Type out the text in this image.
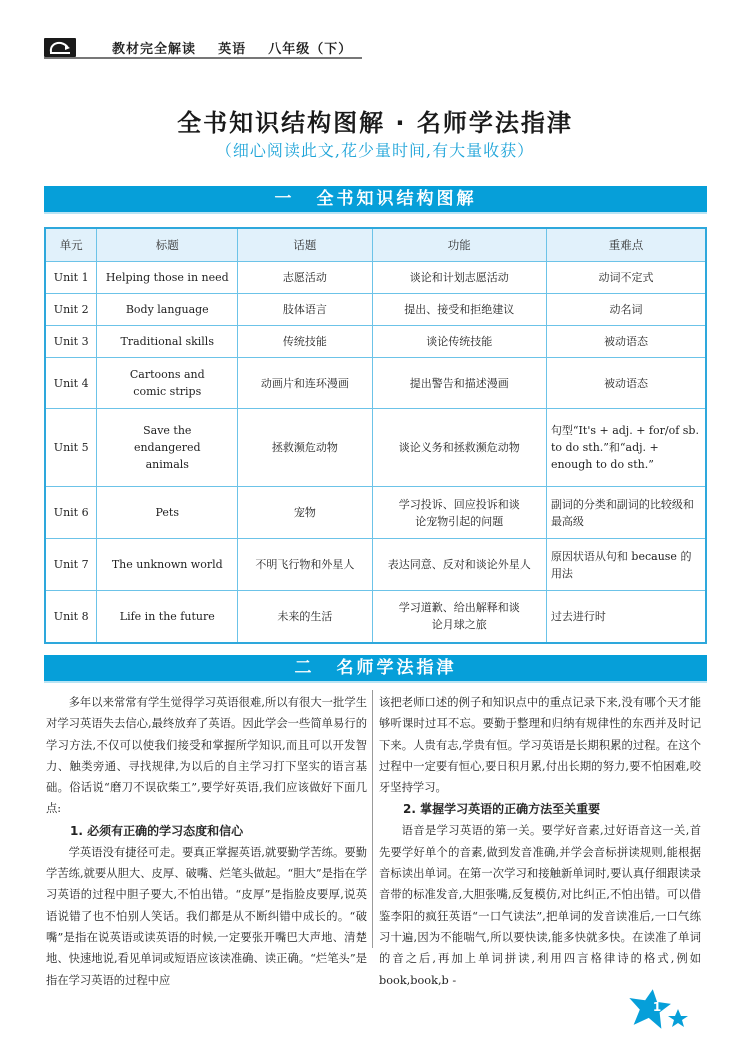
教材完全解读    英语    八年级（下）
全书知识结构图解 · 名师学法指津
（细心阅读此文,花少量时间,有大量收获）
一 全书知识结构图解
单元	标题	话题	功能	重难点
Unit 1	Helping those in need	志愿活动	谈论和计划志愿活动	动词不定式
Unit 2	Body language	肢体语言	提出、接受和拒绝建议	动名词
Unit 3	Traditional skills	传统技能	谈论传统技能	被动语态
Unit 4	Cartoons and comic strips	动画片和连环漫画	提出警告和描述漫画	被动语态
Unit 5	Save the endangered animals	拯救濒危动物	谈论义务和拯救濒危动物	句型“It's + adj. + for/of sb. to do sth.”和“adj. + enough to do sth.”
Unit 6	Pets	宠物	学习投诉、回应投诉和谈论宠物引起的问题	副词的分类和副词的比较级和最高级
Unit 7	The unknown world	不明飞行物和外星人	表达同意、反对和谈论外星人	原因状语从句和 because 的用法
Unit 8	Life in the future	未来的生活	学习道歉、给出解释和谈论月球之旅	过去进行时
二 名师学法指津

多年以来常常有学生觉得学习英语很难,所以有很大一批学生对学习英语失去信心,最终放弃了英语。因此学会一些简单易行的学习方法,不仅可以使我们接受和掌握所学知识,而且可以开发智力、触类旁通、寻找规律,为以后的自主学习打下坚实的语言基础。俗话说“磨刀不误砍柴工”,要学好英语,我们应该做好下面几点:

1. 必须有正确的学习态度和信心

学英语没有捷径可走。要真正掌握英语,就要勤学苦练。要勤学苦练,就要从胆大、皮厚、破嘴、烂笔头做起。“胆大”是指在学习英语的过程中胆子要大,不怕出错。“皮厚”是指脸皮要厚,说英语说错了也不怕别人笑话。我们都是从不断纠错中成长的。“破嘴”是指在说英语或读英语的时候,一定要张开嘴巴大声地、清楚地、快速地说,看见单词或短语应该读准确、读正确。“烂笔头”是指在学习英语的过程中应

该把老师口述的例子和知识点中的重点记录下来,没有哪个天才能够听课时过耳不忘。要勤于整理和归纳有规律性的东西并及时记下来。人贵有志,学贵有恒。学习英语是长期积累的过程。在这个过程中一定要有恒心,要日积月累,付出长期的努力,要不怕困难,咬牙坚持学习。

2. 掌握学习英语的正确方法至关重要

语音是学习英语的第一关。要学好音素,过好语音这一关,首先要学好单个的音素,做到发音准确,并学会音标拼读规则,能根据音标读出单词。在第一次学习和接触新单词时,要认真仔细跟读录音带的标准发音,大胆张嘴,反复模仿,对比纠正,不怕出错。可以借鉴李阳的疯狂英语“一口气读法”,把单词的发音读准后,一口气练习十遍,因为不能喘气,所以要快读,能多快就多快。在读准了单词的音之后,再加上单词拼读,利用四言格律诗的格式,例如 book,book,b -

1
